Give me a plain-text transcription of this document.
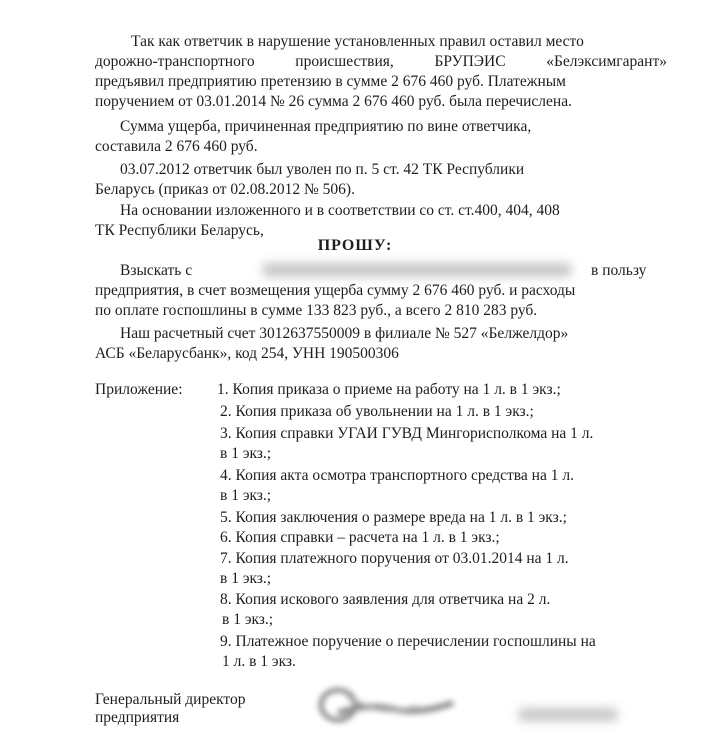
Так как ответчик в нарушение установленных правил оставил место
дорожно-транспортного	происшествия,	БРУПЭИС	«Белэксимгарант»
предъявил предприятию претензию в сумме 2 676 460 руб. Платежным
поручением от 03.01.2014 № 26 сумма 2 676 460 руб. была перечислена.
Сумма ущерба, причиненная предприятию по вине ответчика,
составила 2 676 460 руб.
03.07.2012 ответчик был уволен по п. 5 ст. 42 ТК Республики
Беларусь (приказ от 02.08.2012 № 506).
На основании изложенного и в соответствии со ст. ст.400, 404, 408
ТК Республики Беларусь,
ПРОШУ:
Взыскать с	в пользу
предприятия, в счет возмещения ущерба сумму 2 676 460 руб. и расходы
по оплате госпошлины в сумме 133 823 руб., а всего 2 810 283 руб.
Наш расчетный счет 3012637550009 в филиале № 527 «Белжелдор»
АСБ «Беларусбанк», код 254, УНН 190500306
Приложение: 1. Копия приказа о приеме на работу на 1 л. в 1 экз.;
2. Копия приказа об увольнении на 1 л. в 1 экз.;
3. Копия справки УГАИ ГУВД Мингорисполкома на 1 л.
в 1 экз.;
4. Копия акта осмотра транспортного средства на 1 л.
в 1 экз.;
5. Копия заключения о размере вреда на 1 л. в 1 экз.;
6. Копия справки – расчета на 1 л. в 1 экз.;
7. Копия платежного поручения от 03.01.2014 на 1 л.
в 1 экз.;
8. Копия искового заявления для ответчика на 2 л.
в 1 экз.;
9. Платежное поручение о перечислении госпошлины на
1 л. в 1 экз.
Генеральный директор
предприятия
